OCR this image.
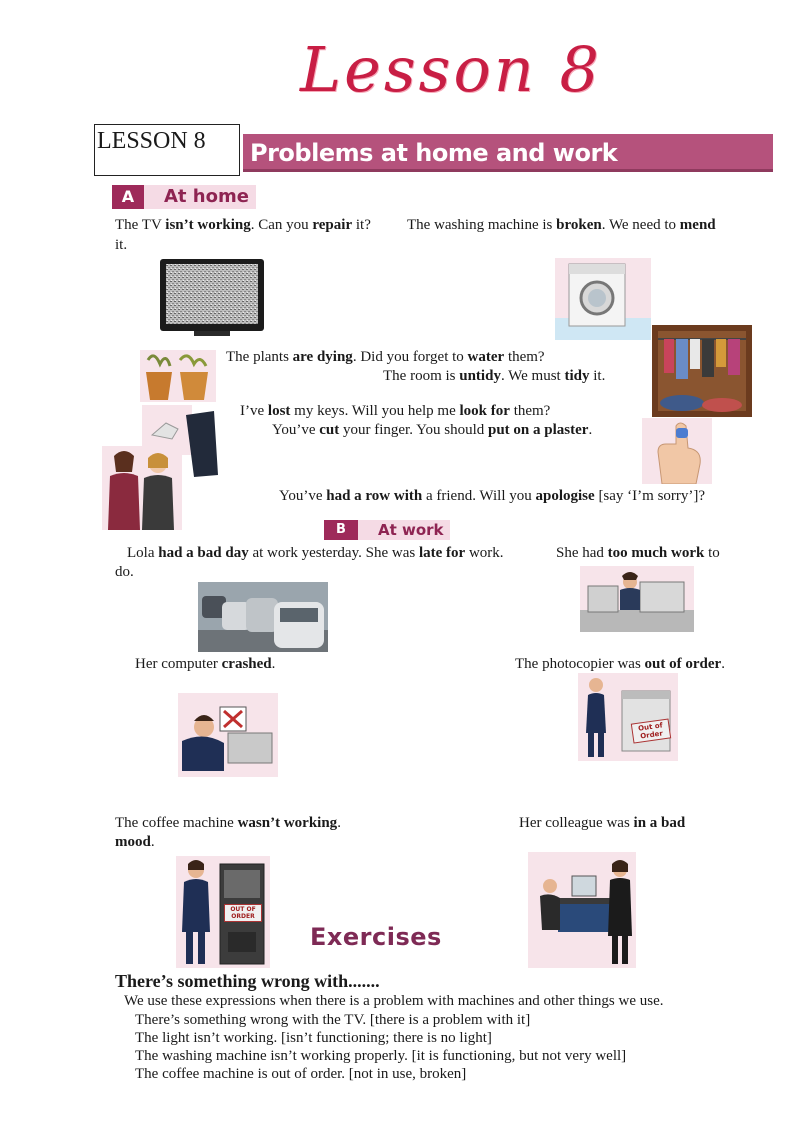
Lesson 8
LESSON 8	Problems at home and work
A	At home
The TV isn’t working. Can you repair it? The washing machine is broken. We need to mend
it.
The plants are dying. Did you forget to water them?
The room is untidy. We must tidy it.
I’ve lost my keys. Will you help me look for them?
You’ve cut your finger. You should put on a plaster.
You’ve had a row with a friend. Will you apologise [say ‘I’m sorry’]?
B	At work
Lola had a bad day at work yesterday. She was late for work.	She had too much work to
do.
Her computer crashed.	The photocopier was out of order.
Out of Order
The coffee machine wasn’t working.	Her colleague was in a bad
mood.
OUT OF ORDER
Exercises
There’s something wrong with.......
We use these expressions when there is a problem with machines and other things we use.
There’s something wrong with the TV. [there is a problem with it]
The light isn’t working. [isn’t functioning; there is no light]
The washing machine isn’t working properly. [it is functioning, but not very well]
The coffee machine is out of order. [not in use, broken]
